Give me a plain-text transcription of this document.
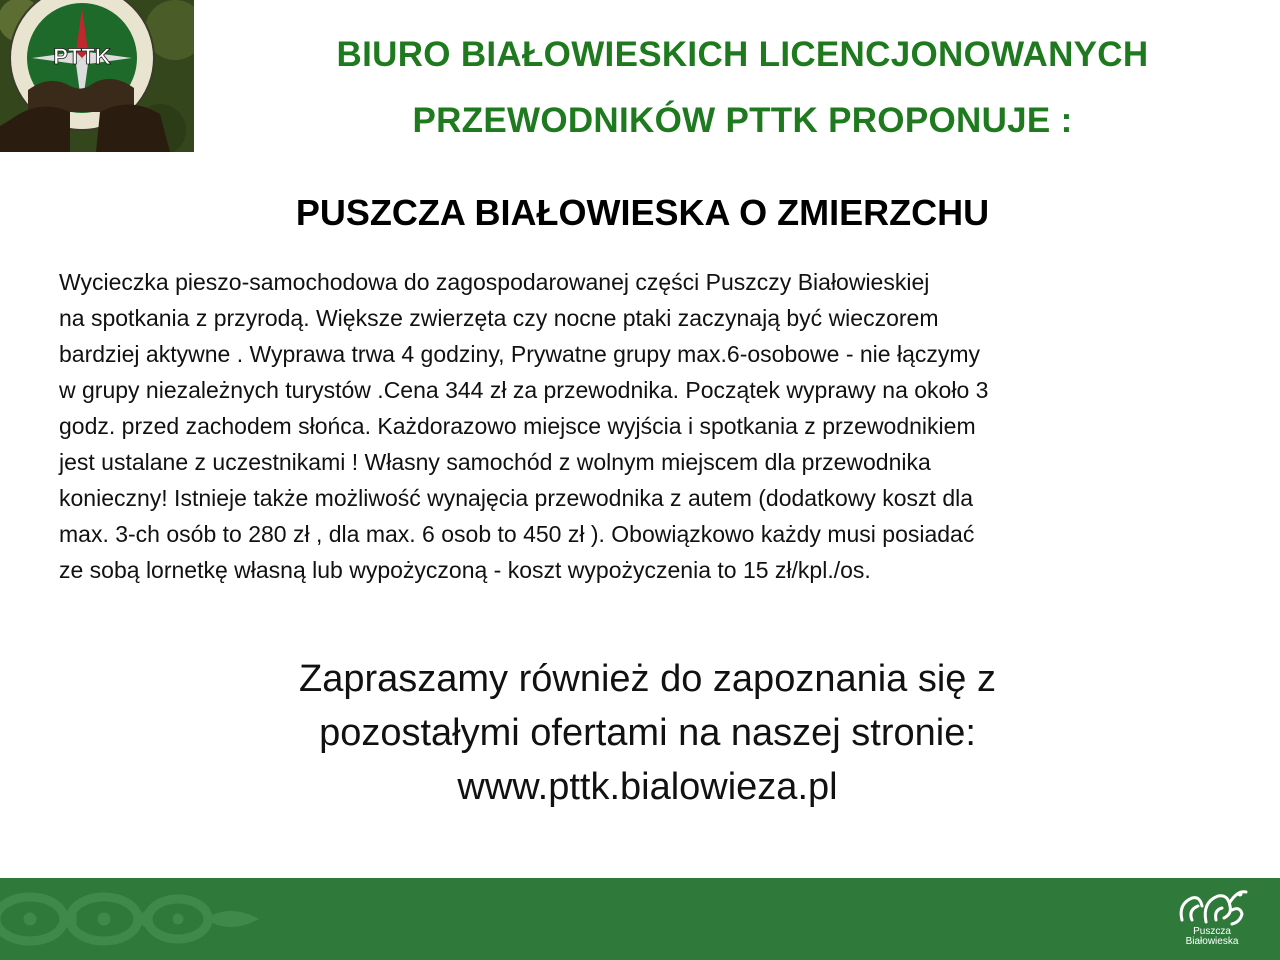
PTTK	BIURO BIAŁOWIESKICH LICENCJONOWANYCH
PRZEWODNIKÓW PTTK PROPONUJE :
PUSZCZA BIAŁOWIESKA O ZMIERZCHU
Wycieczka pieszo-samochodowa do zagospodarowanej części Puszczy Białowieskiej
na spotkania z przyrodą. Większe zwierzęta czy nocne ptaki zaczynają być wieczorem
bardziej aktywne . Wyprawa trwa 4 godziny, Prywatne grupy max.6-osobowe - nie łączymy
w grupy niezależnych turystów .Cena 344 zł za przewodnika. Początek wyprawy na około 3
godz. przed zachodem słońca. Każdorazowo miejsce wyjścia i spotkania z przewodnikiem
jest ustalane z uczestnikami ! Własny samochód z wolnym miejscem dla przewodnika
konieczny! Istnieje także możliwość wynajęcia przewodnika z autem (dodatkowy koszt dla
max. 3-ch osób to 280 zł , dla max. 6 osob to 450 zł ). Obowiązkowo każdy musi posiadać
ze sobą lornetkę własną lub wypożyczoną - koszt wypożyczenia to 15 zł/kpl./os.
Zapraszamy również do zapoznania się z
pozostałymi ofertami na naszej stronie:
www.pttk.bialowieza.pl
Puszcza
Białowieska
